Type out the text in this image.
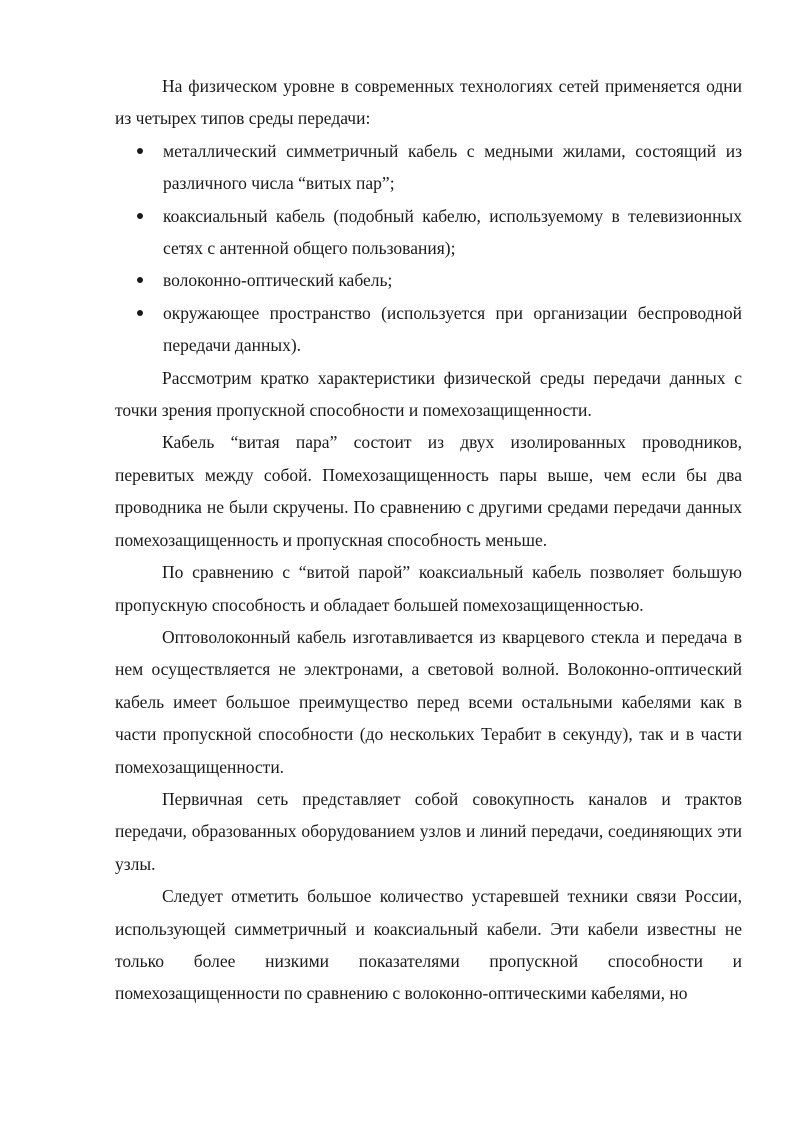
На физическом уровне в современных технологиях сетей применяется одни из четырех типов среды передачи:

металлический симметричный кабель с медными жилами, состоящий из различного числа “витых пар”;
коаксиальный кабель (подобный кабелю, используемому в телевизионных сетях с антенной общего пользования);
волоконно-оптический кабель;
окружающее пространство (используется при организации беспроводной передачи данных).

Рассмотрим кратко характеристики физической среды передачи данных с точки зрения пропускной способности и помехозащищенности.

Кабель “витая пара” состоит из двух изолированных проводников, перевитых между собой. Помехозащищенность пары выше, чем если бы два проводника не были скручены. По сравнению с другими средами передачи данных помехозащищенность и пропускная способность меньше.

По сравнению с “витой парой” коаксиальный кабель позволяет большую пропускную способность и обладает большей помехозащищенностью.

Оптоволоконный кабель изготавливается из кварцевого стекла и передача в нем осуществляется не электронами, а световой волной. Волоконно-оптический кабель имеет большое преимущество перед всеми остальными кабелями как в части пропускной способности (до нескольких Терабит в секунду), так и в части помехозащищенности.

Первичная сеть представляет собой совокупность каналов и трактов передачи, образованных оборудованием узлов и линий передачи, соединяющих эти узлы.

Следует отметить большое количество устаревшей техники связи России, использующей симметричный и коаксиальный кабели. Эти кабели известны не только более низкими показателями пропускной способности и помехозащищенности по сравнению с волоконно-оптическими кабелями, но
